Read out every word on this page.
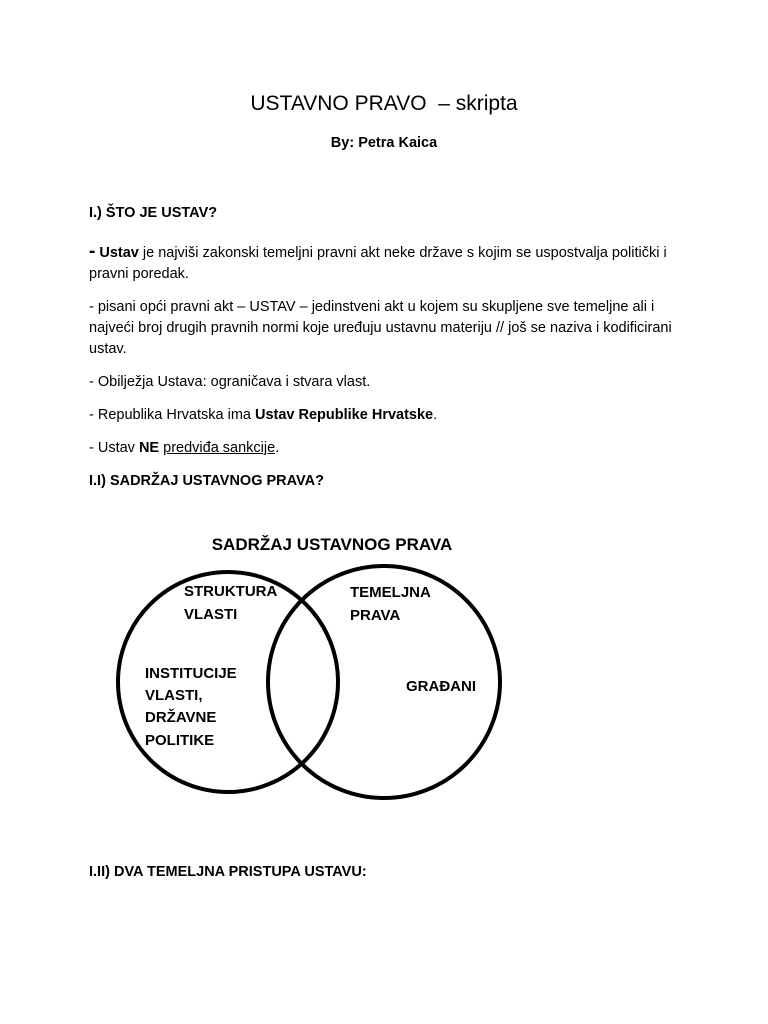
USTAVNO PRAVO  – skripta
By: Petra Kaica
I.) ŠTO JE USTAV?
- Ustav je najviši zakonski temeljni pravni akt neke države s kojim se uspostvalja politički i pravni poredak.
- pisani opći pravni akt – USTAV – jedinstveni akt u kojem su skupljene sve temeljne ali i najveći broj drugih pravnih normi koje uređuju ustavnu materiju // još se naziva i kodificirani ustav.
- Obilježja Ustava: ograničava i stvara vlast.
- Republika Hrvatska ima Ustav Republike Hrvatske.
- Ustav NE predviđa sankcije.
I.I) SADRŽAJ USTAVNOG PRAVA?
SADRŽAJ USTAVNOG PRAVA
STRUKTURA
VLASTI
TEMELJNA
PRAVA
INSTITUCIJE
VLASTI,
DRŽAVNE
POLITIKE
GRAĐANI
I.II) DVA TEMELJNA PRISTUPA USTAVU:
